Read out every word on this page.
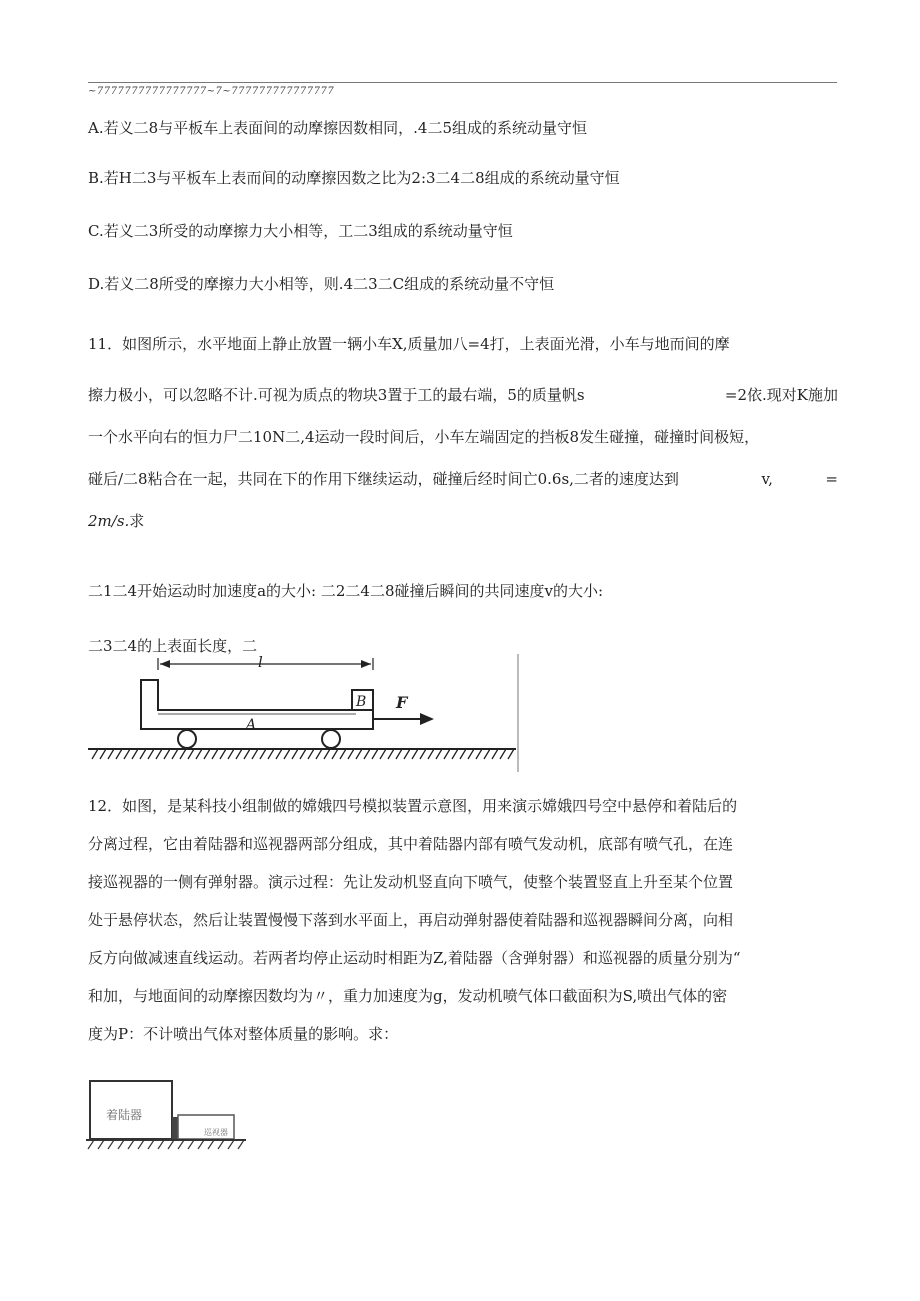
~7777777777777777~7~777777777777777
A.若义二8与平板车上表面间的动摩擦因数相同，.4二5组成的系统动量守恒
B.若H二3与平板车上表而间的动摩擦因数之比为2:3二4二8组成的系统动量守恒
C.若义二3所受的动摩擦力大小相等，工二3组成的系统动量守恒
D.若义二8所受的摩擦力大小相等，则.4二3二C组成的系统动量不守恒
11．如图所示，水平地面上静止放置一辆小车X,质量加八=4打，上表面光滑，小车与地而间的摩
擦力极小，可以忽略不计.可视为质点的物块3置于工的最右端，5的质量帆s	=2依.现对K施加
一个水平向右的恒力尸二10N二,4运动一段时间后，小车左端固定的挡板8发生碰撞，碰撞时间极短，
碰后/二8粘合在一起，共同在下的作用下继续运动，碰撞后经时间亡0.6s,二者的速度达到	v,	=
2m/s.求
二1二4开始运动时加速度a的大小: 二2二4二8碰撞后瞬间的共同速度v的大小:
二3二4的上表面长度，二
l
A
B F
12．如图，是某科技小组制做的嫦娥四号模拟装置示意图，用来演示嫦娥四号空中悬停和着陆后的
分离过程，它由着陆器和巡视器两部分组成，其中着陆器内部有喷气发动机，底部有喷气孔，在连
接巡视器的一侧有弹射器。演示过程：先让发动机竖直向下喷气，使整个装置竖直上升至某个位置
处于悬停状态，然后让装置慢慢下落到水平面上，再启动弹射器使着陆器和巡视器瞬间分离，向相
反方向做减速直线运动。若两者均停止运动时相距为Z,着陆器（含弹射器）和巡视器的质量分别为“
和加，与地面间的动摩擦因数均为〃，重力加速度为g，发动机喷气体口截面积为S,喷出气体的密
度为P：不计喷出气体对整体质量的影响。求：
着陆器
巡视器
